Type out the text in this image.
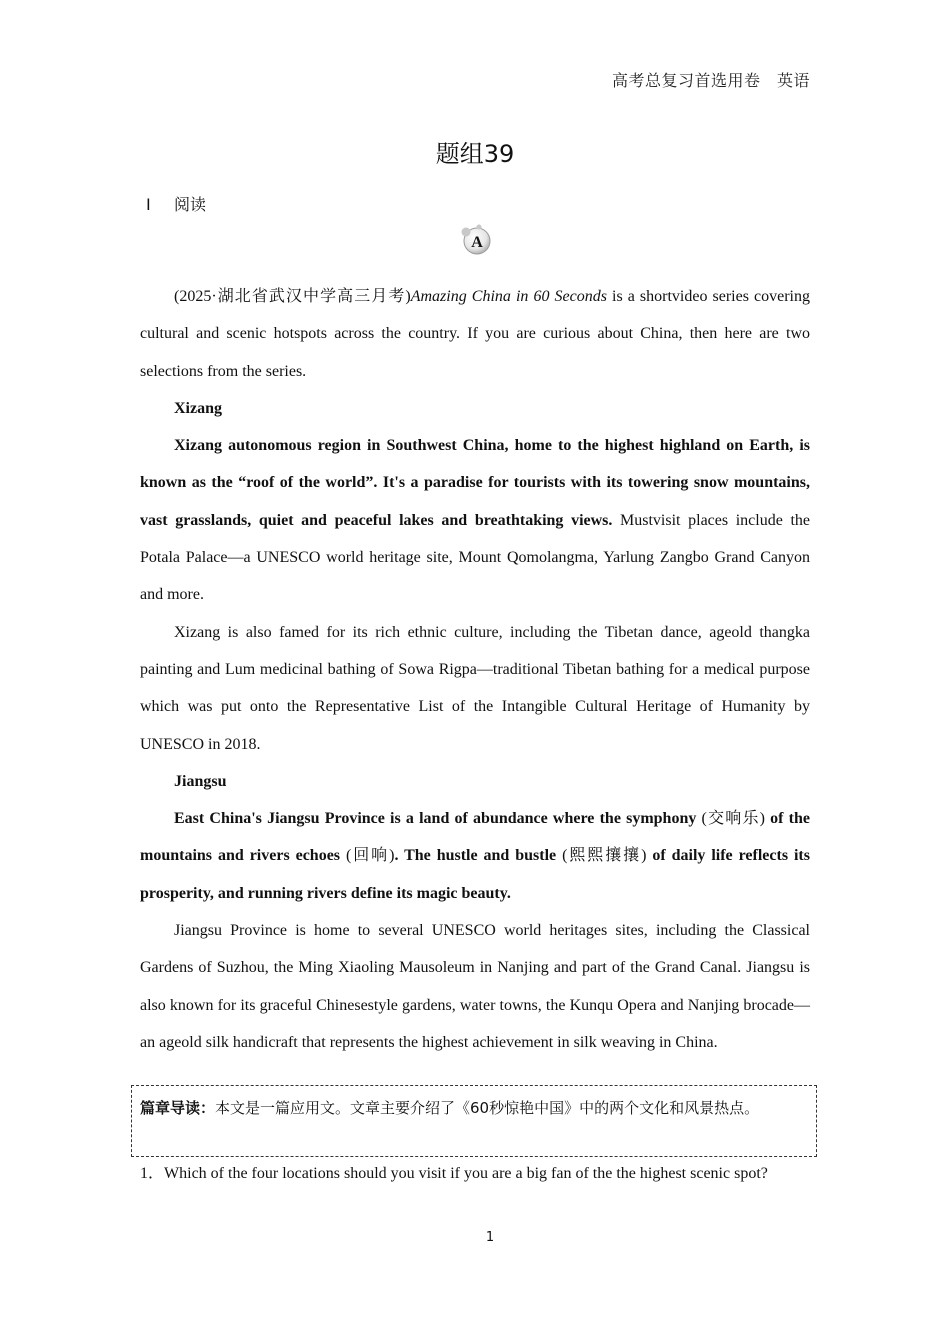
高考总复习首选用卷　英语
题组39
Ⅰ 阅读
A

(2025·湖北省武汉中学高三月考)Amazing China in 60 Seconds is a shortvideo series covering cultural and scenic hotspots across the country. If you are curious about China, then here are two selections from the series.

Xizang

Xizang autonomous region in Southwest China, home to the highest highland on Earth, is known as the “roof of the world”. It's a paradise for tourists with its towering snow mountains, vast grasslands, quiet and peaceful lakes and breathtaking views. Mustvisit places include the Potala Palace—a UNESCO world heritage site, Mount Qomolangma, Yarlung Zangbo Grand Canyon and more.

Xizang is also famed for its rich ethnic culture, including the Tibetan dance, ageold thangka painting and Lum medicinal bathing of Sowa Rigpa—traditional Tibetan bathing for a medical purpose which was put onto the Representative List of the Intangible Cultural Heritage of Humanity by UNESCO in 2018.

Jiangsu

East China's Jiangsu Province is a land of abundance where the symphony (交响乐) of the mountains and rivers echoes (回响). The hustle and bustle (熙熙攘攘) of daily life reflects its prosperity, and running rivers define its magic beauty.

Jiangsu Province is home to several UNESCO world heritages sites, including the Classical Gardens of Suzhou, the Ming Xiaoling Mausoleum in Nanjing and part of the Grand Canal. Jiangsu is also known for its graceful Chinesestyle gardens, water towns, the Kunqu Opera and Nanjing brocade—an ageold silk handicraft that represents the highest achievement in silk weaving in China.

篇章导读：本文是一篇应用文。文章主要介绍了《60秒惊艳中国》中的两个文化和风景热点。
1．Which of the four locations should you visit if you are a big fan of the the highest scenic spot?
1
